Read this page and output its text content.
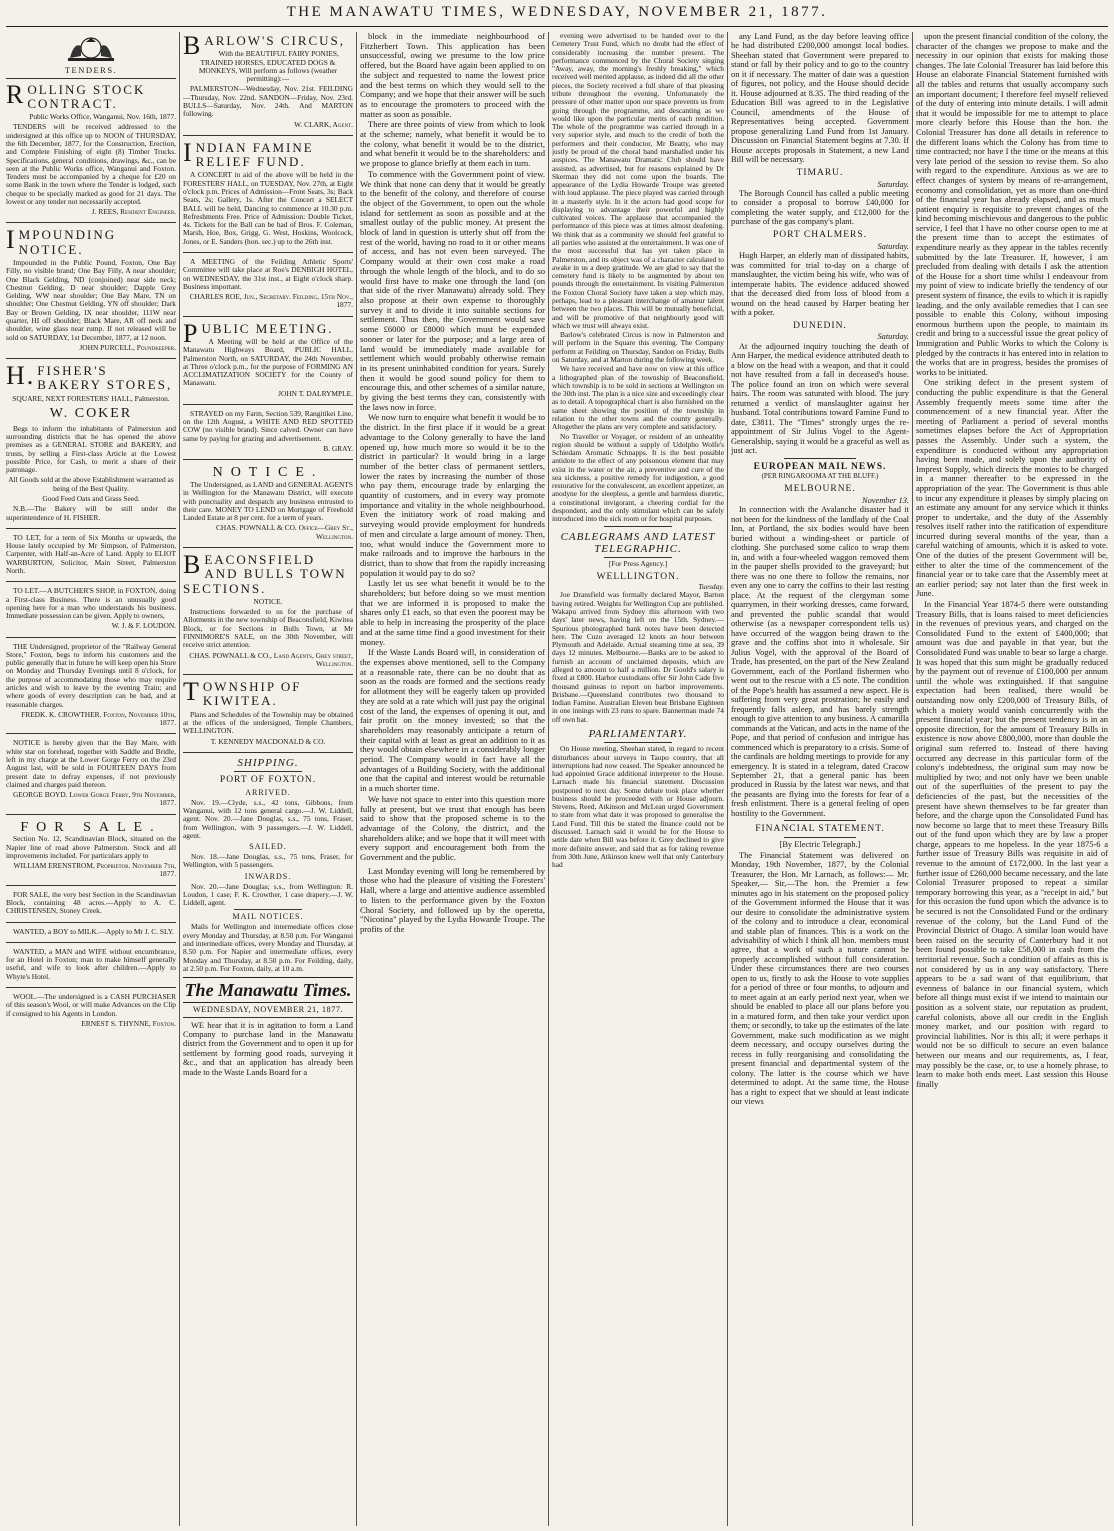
THE MANAWATU TIMES, WEDNESDAY, NOVEMBER 21, 1877.
TENDERS.
ROLLING STOCK CONTRACT.

Public Works Office, Wanganui, Nov. 16th, 1877.

TENDERS will be received addressed to the undersigned at this office up to NOON of THURSDAY, the 6th December, 1877, for the Construction, Erection, and Complete Finishing of eight (8) Timber Trucks. Specifications, general conditions, drawings, &c., can be seen at the Public Works office, Wanganui and Foxton. Tenders must be accompanied by a cheque for £20 on some Bank in the town where the Tender is lodged, such cheque to be specially marked as good for 21 days. The lowest or any tender not necessarily accepted.

J. REES, Resident Engineer.

IMPOUNDING NOTICE.

Impounded in the Public Pound, Foxton, One Bay Filly, no visible brand; One Bay Filly, A near shoulder; One Black Gelding, ND (conjoined) near side neck; Chestnut Gelding, D near shoulder; Dapple Grey Gelding, WW near shoulder; One Bay Mare, TN on shoulder; One Chestnut Gelding, YN off shoulder; Dark Bay or Brown Gelding, IX near shoulder, 111W near quarter, HI off shoulder; Black Mare, AR off neck and shoulder, wine glass near rump. If not released will be sold on SATURDAY, 1st December, 1877, at 12 noon.

JOHN PURCELL, Poundkeeper.

H.FISHER'S BAKERY STORES,

SQUARE, NEXT FORESTERS' HALL, Palmerston.

W. COKER

Begs to inform the inhabitants of Palmerston and surrounding districts that he has opened the above premises as a GENERAL STORE and BAKERY, and trusts, by selling a First-class Article at the Lowest possible Price, for Cash, to merit a share of their patronage.

All Goods sold at the above Establishment warranted as being of the Best Quality.

Good Feed Oats and Grass Seed.

N.B.—The Bakery will be still under the superintendence of H. FISHER.

TO LET, for a term of Six Months or upwards, the House lately occupied by Mr Simpson, of Palmerston, Carpenter, with Half-an-Acre of Land. Apply to ELIOT WARBURTON, Solicitor, Main Street, Palmerston North.

TO LET.—A BUTCHER'S SHOP, in FOXTON, doing a First-class Business. There is an unusually good opening here for a man who understands his business. Immediate possession can be given. Apply to owners,

W. J. & F. LOUDON.

THE Undersigned, proprietor of the "Railway General Store," Foxton, begs to inform his customers and the public generally that in future he will keep open his Store on Monday and Thursday Evenings until 8 o'clock, for the purpose of accommodating those who may require articles and wish to leave by the evening Train; and where goods of every description can be had, and at reasonable charges.

FREDK. K. CROWTHER. Foxton, November 10th, 1877.

NOTICE is hereby given that the Bay Mare, with white star on forehead, together with Saddle and Bridle, left in my charge at the Lower Gorge Ferry on the 23rd August last, will be sold in FOURTEEN DAYS from present date to defray expenses, if not previously claimed and charges paid thereon.

GEORGE BOYD. Lower Gorge Ferry, 9th November, 1877.

FOR SALE.

Section No. 12, Scandinavian Block, situated on the Napier line of road above Palmerston. Stock and all improvements included. For particulars apply to

WILLIAM ERENSTROM, Proprietor. November 7th, 1877.

FOR SALE, the very best Section in the Scandinavian Block, containing 48 acres.—Apply to A. C. CHRISTENSEN, Stoney Creek.

WANTED, a BOY to MILK.—Apply to Mr J. C. SLY.

WANTED, a MAN and WIFE without encumbrance, for an Hotel in Foxton; man to make himself generally useful, and wife to look after children.—Apply to Whyte's Hotel.

WOOL.—The undersigned is a CASH PURCHASER of this season's Wool, or will make Advances on the Clip if consigned to his Agents in London.

ERNEST S. THYNNE, Foxton.

BARLOW'S CIRCUS,

With the BEAUTIFUL FAIRY PONIES, TRAINED HORSES, EDUCATED DOGS & MONKEYS, Will perform as follows (weather permitting):—

PALMERSTON—Wednesday, Nov. 21st. FEILDING—Thursday, Nov. 22nd. SANDON—Friday, Nov. 23rd. BULLS—Saturday, Nov. 24th. And MARTON following.

W. CLARK, Agent.

INDIAN FAMINE RELIEF FUND.

A CONCERT in aid of the above will be held in the FORESTERS' HALL, on TUESDAY, Nov. 27th, at Eight o'clock p.m. Prices of Admission—Front Seats, 3s; Back Seats, 2s; Gallery, 1s. After the Concert a SELECT BALL will be held, Dancing to commence at 10.30 p.m. Refreshments Free. Price of Admission: Double Ticket, 4s. Tickets for the Ball can be had of Bros. F. Coleman, Marsh, Hoe, Box, Grigg, G. West, Hoskins, Woolcock, Jones, or E. Sanders (hon. sec.) up to the 26th inst.

A MEETING of the Feilding Athletic Sports' Committee will take place at Roe's DENBIGH HOTEL, on WEDNESDAY, the 31st inst., at Eight o'clock sharp. Business important.

CHARLES ROE, Jun., Secretary. Feilding, 15th Nov., 1877.

PUBLIC MEETING.

A Meeting will be held at the Office of the Manawatu Highways Board, PUBLIC HALL, Palmerston North, on SATURDAY, the 24th November, at Three o'clock p.m., for the purpose of FORMING AN ACCLIMATIZATION SOCIETY for the County of Manawatu.

JOHN T. DALRYMPLE.

STRAYED on my Farm, Section 539, Rangitikei Line, on the 12th August, a WHITE AND RED SPOTTED COW (no visible brand). Since calved. Owner can have same by paying for grazing and advertisement.

B. GRAY.

NOTICE.

The Undersigned, as LAND and GENERAL AGENTS in Wellington for the Manawatu District, will execute with punctuality and despatch any business entrusted to their care. MONEY TO LEND on Mortgage of Freehold Landed Estate at 8 per cent. for a term of years.

CHAS. POWNALL & CO. Office—Grey St., Wellington.

BEACONSFIELD AND BULLS TOWN SECTIONS.

NOTICE.

Instructions forwarded to us for the purchase of Allotments in the new township of Beaconsfield, Kiwitea Block, or for Sections in Bulls Town, at Mr FINNIMORE'S SALE, on the 30th November, will receive strict attention.

CHAS. POWNALL & CO., Land Agents, Grey street, Wellington.

TOWNSHIP OF KIWITEA.

Plans and Schedules of the Township may be obtained at the offices of the undersigned, Temple Chambers, WELLINGTON.

T. KENNEDY MACDONALD & CO.

SHIPPING.
PORT OF FOXTON.
ARRIVED.

Nov. 19.—Clyde, s.s., 42 tons, Gibbons, from Wanganui, with 12 tons general cargo.—J. W. Liddell, agent. Nov. 20.—Jane Douglas, s.s., 75 tons, Fraser, from Wellington, with 9 passengers.—J. W. Liddell, agent.

SAILED.

Nov. 18.—Jane Douglas, s.s., 75 tons, Fraser, for Wellington, with 5 passengers.

INWARDS.

Nov. 20.—Jane Douglas; s.s., from Wellington: R. Loudon, 1 case; F. K. Crowther, 1 case drapery.—J. W. Liddell, agent.

MAIL NOTICES.

Mails for Wellington and intermediate offices close every Monday and Thursday, at 8.50 p.m. For Wanganui and intermediate offices, every Monday and Thursday, at 8.50 p.m. For Napier and intermediate offices, every Monday and Thursday, at 8.50 p.m. For Feilding, daily, at 2.50 p.m. For Foxton, daily, at 10 a.m.

The Manawatu Times.
WEDNESDAY, NOVEMBER 21, 1877.

WE hear that it is in agitation to form a Land Company to purchase land in the Manawatu district from the Government and to open it up for settlement by forming good roads, surveying it &c., and that an application has already been made to the Waste Lands Board for a

block in the immediate neighbourhood of Fitzherbert Town. This application has been unsuccessful, owing we presume to the low price offered, but the Board have again been applied to on the subject and requested to name the lowest price and the best terms on which they would sell to the Company; and we hope that their answer will be such as to encourage the promoters to proceed with the matter as soon as possible.

There are three points of view from which to look at the scheme; namely, what benefit it would be to the colony, what benefit it would be to the district, and what benefit it would be to the shareholders: and we propose to glance briefly at them each in turn.

To commence with the Government point of view. We think that none can deny that it would be greatly to the benefit of the colony, and therefore of course the object of the Government, to open out the whole island for settlement as soon as possible and at the smallest outlay of the public money. At present the block of land in question is utterly shut off from the rest of the world, having no road to it or other means of access, and has not even been surveyed. The Company would at their own cost make a road through the whole length of the block, and to do so would first have to make one through the land (on that side of the river Manawatu) already sold. They also propose at their own expense to thoroughly survey it and to divide it into suitable sections for settlement. Thus then, the Government would save some £6000 or £8000 which must be expended sooner or later for the purpose; and a large area of land would be immediately made available for settlement which would probably otherwise remain in its present uninhabited condition for years. Surely then it would be good sound policy for them to encourage this, and other schemes of a similar nature, by giving the best terms they can, consistently with the laws now in force.

We now turn to enquire what benefit it would be to the district. In the first place if it would be a great advantage to the Colony generally to have the land opened up, how much more so would it be to the district in particular? It would bring in a large number of the better class of permanent settlers, lower the rates by increasing the number of those who pay them, encourage trade by enlarging the quantity of customers, and in every way promote importance and vitality in the whole neighbourhood. Even the initiatory work of road making and surveying would provide employment for hundreds of men and circulate a large amount of money. Then, too, what would induce the Government more to make railroads and to improve the harbours in the district, than to show that from the rapidly increasing population it would pay to do so?

Lastly let us see what benefit it would be to the shareholders; but before doing so we must mention that we are informed it is proposed to make the shares only £1 each, so that even the poorest may be able to help in increasing the prosperity of the place and at the same time find a good investment for their money.

If the Waste Lands Board will, in consideration of the expenses above mentioned, sell to the Company at a reasonable rate, there can be no doubt that as soon as the roads are formed and the sections ready for allotment they will be eagerly taken up provided they are sold at a rate which will just pay the original cost of the land, the expenses of opening it out, and fair profit on the money invested; so that the shareholders may reasonably anticipate a return of their capital with at least as great an addition to it as they would obtain elsewhere in a considerably longer period. The Company would in fact have all the advantages of a Building Society, with the additional one that the capital and interest would be returnable in a much shorter time.

We have not space to enter into this question more fully at present, but we trust that enough has been said to show that the proposed scheme is to the advantage of the Colony, the district, and the shareholders alike; and we hope that it will meet with every support and encouragement both from the Government and the public.

Last Monday evening will long be remembered by those who had the pleasure of visiting the Foresters' Hall, where a large and attentive audience assembled to listen to the performance given by the Foxton Choral Society, and followed up by the operetta, "Nicotina" played by the Lydia Howarde Troupe. The profits of the

evening were advertised to be handed over to the Cemetery Trust Fund, which no doubt had the effect of considerably increasing the number present. The performance commenced by the Choral Society singing "Away, away, the morning's freshly breaking," which received well merited applause, as indeed did all the other pieces, the Society received a full share of that pleasing tribute throughout the evening. Unfortunately the pressure of other matter upon our space prevents us from going through the programme, and descanting as we would like upon the particular merits of each rendition. The whole of the programme was carried through in a very superior style, and much to the credit of both the performers and their conductor, Mr Beatty, who may justly be proud of the choral band marshalled under his auspices. The Manawatu Dramatic Club should have assisted, as advertised, but for reasons explained by Dr Skerman they did not come upon the boards. The appearance of the Lydia Howarde Troupe was greeted with loud applause. The piece played was carried through in a masterly style. In it the actors had good scope for displaying to advantage their powerful and highly cultivated voices. The applause that accompanied the performance of this piece was at times almost deafening. We think that as a community we should feel grateful to all parties who assisted at the entertainment. It was one of the most successful that has yet taken place in Palmerston, and its object was of a character calculated to awake in us a deep gratitude. We are glad to say that the cemetery fund is likely to be augmented by about ten pounds through the entertainment. In visiting Palmerston the Foxton Choral Society have taken a step which may, perhaps, lead to a pleasant interchange of amateur talent between the two places. This will be mutually beneficial, and will be promotive of that neighbourly good will which we trust will always exist.

Barlow's celebrated Circus is now in Palmerston and will perform in the Square this evening. The Company perform at Feilding on Thursday, Sandon on Friday, Bulls on Saturday, and at Marton during the following week.

We have received and have now on view at this office a lithographed plan of the township of Beaconsfield, which township is to be sold in sections at Wellington on the 30th inst. The plan is a nice size and exceedingly clear as to detail. A topographical chart is also furnished on the same sheet showing the position of the township in relation to the other towns and the county generally. Altogether the plans are very complete and satisfactory.

No Traveller or Voyager, or resident of an unhealthy region should be without a supply of Udolpho Wolfe's Schiedam Aromatic Schnapps. It is the best possible antidote to the effect of any poisonous element that may exist in the water or the air, a preventive and cure of the sea sickness, a positive remedy for indigestion, a good restorative for the convalescent, an excellent appetizer, an anodyne for the sleepless, a gentle and harmless diuretic, a constitutional invigorant, a cheering cordial for the despondent, and the only stimulant which can be safely introduced into the sick room or for hospital purposes.

CABLEGRAMS AND LATEST TELEGRAPHIC.

[For Press Agency.]

WELLLINGTON.
Tuesday.

Joe Dransfield was formally declared Mayor, Barton having retired. Weights for Wellington Cup are published. Wakapu arrived from Sydney this afternoon with two days' later news, having left on the 15th. Sydney.—Spurious photographed bank notes have been detected here. The Cuzo averaged 12 knots an hour between Plymouth and Adelaide. Actual steaming time at sea, 39 days 12 minutes. Melbourne.—Banks are to be asked to furnish an account of unclaimed deposits, which are alleged to amount to half a million. Dr Goold's salary is fixed at £800. Harbor custodians offer Sir John Cade five thousand guineas to report on harbor improvements. Brisbane.—Queensland contributes two thousand to Indian Famine. Australian Eleven beat Brisbane Eighteen in one innings with 23 runs to spare. Bannerman made 74 off own bat.

PARLIAMENTARY.

On House meeting, Sheehan stated, in regard to recent disturbances about surveys in Taupo country, that all interruptions had now ceased. The Speaker announced he had appointed Grace additional interpreter to the House. Larnach made his financial statement. Discussion postponed to next day. Some debate took place whether business should be proceeded with or House adjourn. Stevens, Reed, Atkinson and McLean urged Government to state from what date it was proposed to generalise the Land Fund. Till this be stated the finance could not be discussed. Larnach said it would be for the House to settle date when Bill was before it. Grey declined to give more definite answer, and said that as for taking revenue from 30th June, Atkinson knew well that only Canterbury had

any Land Fund, as the day before leaving office he had distributed £200,000 amongst local bodies. Sheehan stated that Government were prepared to stand or fall by their policy and to go to the country on it if necessary. The matter of date was a question of figures, not policy, and the House should decide it. House adjourned at 8.35. The third reading of the Education Bill was agreed to in the Legislative Council, amendments of the House of Representatives being accepted. Government propose generalizing Land Fund from 1st January. Discussion on Financial Statement begins at 7.30. If House accepts proposals in Statement, a new Land Bill will be necessary.

TIMARU.
Saturday.

The Borough Council has called a public meeting to consider a proposal to borrow £40,000 for completing the water supply, and £12,000 for the purchase of the gas company's plant.

PORT CHALMERS.
Saturday.

Hugh Harper, an elderly man of dissipated habits, was committed for trial to-day on a charge of manslaughter, the victim being his wife, who was of intemperate habits. The evidence adduced showed that the deceased died from loss of blood from a wound on the head caused by Harper beating her with a poker.

DUNEDIN.
Saturday.

At the adjourned inquiry touching the death of Ann Harper, the medical evidence attributed death to a blow on the head with a weapon, and that it could not have resulted from a fall in deceased's house. The police found an iron on which were several hairs. The room was saturated with blood. The jury returned a verdict of manslaughter against her husband. Total contributions toward Famine Fund to date, £3811. The "Times" strongly urges the re-appointment of Sir Julius Vogel to the Agent-Generalship, saying it would be a graceful as well as just act.

EUROPEAN MAIL NEWS.
(PER RINGAROOMA AT THE BLUFF.)
MELBOURNE.
November 13.

In connection with the Avalanche disaster had it not been for the kindness of the landlady of the Coal Inn, at Portland, the six bodies would have been buried without a winding-sheet or particle of clothing. She purchased some calico to wrap them in, and with a four-wheeled waggon removed them in the pauper shells provided to the graveyard; but there was no one there to follow the remains, nor even any one to carry the coffins to their last resting place. At the request of the clergyman some quarrymen, in their working dresses, came forward, and prevented the public scandal that would otherwise (as a newspaper correspondent tells us) have occurred of the waggon being drawn to the grave and the coffins shot into it wholesale. Sir Julius Vogel, with the approval of the Board of Trade, has presented, on the part of the New Zealand Government, each of the Portland fishermen who went out to the rescue with a £5 note. The condition of the Pope's health has assumed a new aspect. He is suffering from very great prostration; he easily and frequently falls asleep, and has barely strength enough to give attention to any business. A camarilla commands at the Vatican, and acts in the name of the Pope, and that period of confusion and intrigue has commenced which is preparatory to a crisis. Some of the cardinals are holding meetings to provide for any emergency. It is stated in a telegram, dated Cracow September 21, that a general panic has been produced in Russia by the latest war news, and that the peasants are flying into the forests for fear of a fresh enlistment. There is a general feeling of open hostility to the Government.

FINANCIAL STATEMENT.

[By Electric Telegraph.]

The Financial Statement was delivered on Monday, 19th November, 1877, by the Colonial Treasurer, the Hon. Mr Larnach, as follows:— Mr. Speaker,— Sir,—The hon. the Premier a few minutes ago in his statement on the proposed policy of the Government informed the House that it was our desire to consolidate the administrative system of the colony and to introduce a clear, economical and stable plan of finances. This is a work on the advisability of which I think all hon. members must agree, that a work of such a nature cannot be properly accomplished without full consideration. Under these circumstances there are two courses open to us, firstly to ask the House to vote supplies for a period of three or four months, to adjourn and to meet again at an early period next year, when we should be enabled to place all our plans before you in a matured form, and then take your verdict upon them; or secondly, to take up the estimates of the late Government, make such modification as we might deem necessary, and occupy ourselves during the recess in fully reorganising and consolidating the present financial and departmental system of the colony. The latter is the course which we have determined to adopt. At the same time, the House has a right to expect that we should at least indicate our views

upon the present financial condition of the colony, the character of the changes we propose to make and the necessity in our opinion that exists for making those changes. The late Colonial Treasurer has laid before this House an elaborate Financial Statement furnished with all the tables and returns that usually accompany such an important document; I therefore feel myself relieved of the duty of entering into minute details. I will admit that it would be impossible for me to attempt to place more clearly before this House than the hon. the Colonial Treasurer has done all details in reference to the different loans which the Colony has from time to time contracted; nor have I the time or the means at this very late period of the session to revise them. So also with regard to the expenditure. Anxious as we are to effect changes of system by means of re-arrangement, economy and consolidation, yet as more than one-third of the financial year has already elapsed, and as much patient enquiry is requisite to prevent changes of the kind becoming mischievous and dangerous to the public service, I feel that I have no other course open to me at the present time than to accept the estimates of expenditure nearly as they appear in the tables recently submitted by the late Treasurer. If, however, I am precluded from dealing with details I ask the attention of the House for a short time whilst I endeavour from my point of view to indicate briefly the tendency of our present system of finance, the evils to which it is rapidly leading, and the only available remedies that I can see possible to enable this Colony, without imposing enormous burthens upon the people, to maintain its credit and bring to a successful issue the great policy of Immigration and Public Works to which the Colony is pledged by the contracts it has entered into in relation to the works that are in progress, besides the promises of works to be initiated.

One striking defect in the present system of conducting the public expenditure is that the General Assembly frequently meets some time after the commencement of a new financial year. After the meeting of Parliament a period of several months sometimes elapses before the Act of Appropriation passes the Assembly. Under such a system, the expenditure is conducted without any appropriation having been made, and solely upon the authority of Imprest Supply, which directs the monies to be charged in a manner thereafter to be expressed in the appropriation of the year. The Government is thus able to incur any expenditure it pleases by simply placing on an estimate any amount for any service which it thinks proper to undertake, and the duty of the Assembly resolves itself rather into the ratification of expenditure incurred during several months of the year, than a careful watching of amounts, which it is asked to vote. One of the duties of the present Government will be, either to alter the time of the commencement of the financial year or to take care that the Assembly meet at an earlier period; say not later than the first week in June.

In the Financial Year 1874-5 there were outstanding Treasury Bills, that is loans raised to meet deficiencies in the revenues of previous years, and charged on the Consolidated Fund to the extent of £400,000; that amount was due and payable in that year, but the Consolidated Fund was unable to bear so large a charge. It was hoped that this sum might be gradually reduced by the payment out of revenue of £100,000 per annum until the whole was extinguished. If that sanguine expectation had been realised, there would be outstanding now only £200,000 of Treasury Bills, of which a moiety would vanish concurrently with the present financial year; but the present tendency is in an opposite direction, for the amount of Treasury Bills in existence is now above £800,000, more than double the original sum referred to. Instead of there having occurred any decrease in this particular form of the colony's indebtedness, the original sum may now be multiplied by two; and not only have we been unable out of the superfluities of the present to pay the deficiencies of the past, but the necessities of the present have shewn themselves to be far greater than before, and the charge upon the Consolidated Fund has now become so large that to meet these Treasury Bills out of the fund upon which they are by law a proper charge, appears to me hopeless. In the year 1875-6 a further issue of Treasury Bills was requisite in aid of revenue to the amount of £172,000. In the last year a further issue of £260,000 became necessary, and the late Colonial Treasurer proposed to repeat a similar temporary borrowing this year, as a "receipt in aid," but for this occasion the fund upon which the advance is to be secured is not the Consolidated Fund or the ordinary revenue of the colony, but the Land Fund of the Provincial District of Otago. A similar loan would have been raised on the security of Canterbury had it not been found possible to take £58,000 in cash from the territorial revenue. Such a condition of affairs as this is not considered by us in any way satisfactory. There appears to be a sad want of that equilibrium, that evenness of balance in our financial system, which before all things must exist if we intend to maintain our position as a solvent state, our reputation as prudent, careful colonists, above all our credit in the English money market, and our position with regard to provincial liabilities. Nor is this all; it were perhaps it would not be so difficult to secure an even balance between our means and our requirements, as, I fear, may possibly be the case, or, to use a homely phrase, to learn to make both ends meet. Last session this House finally
